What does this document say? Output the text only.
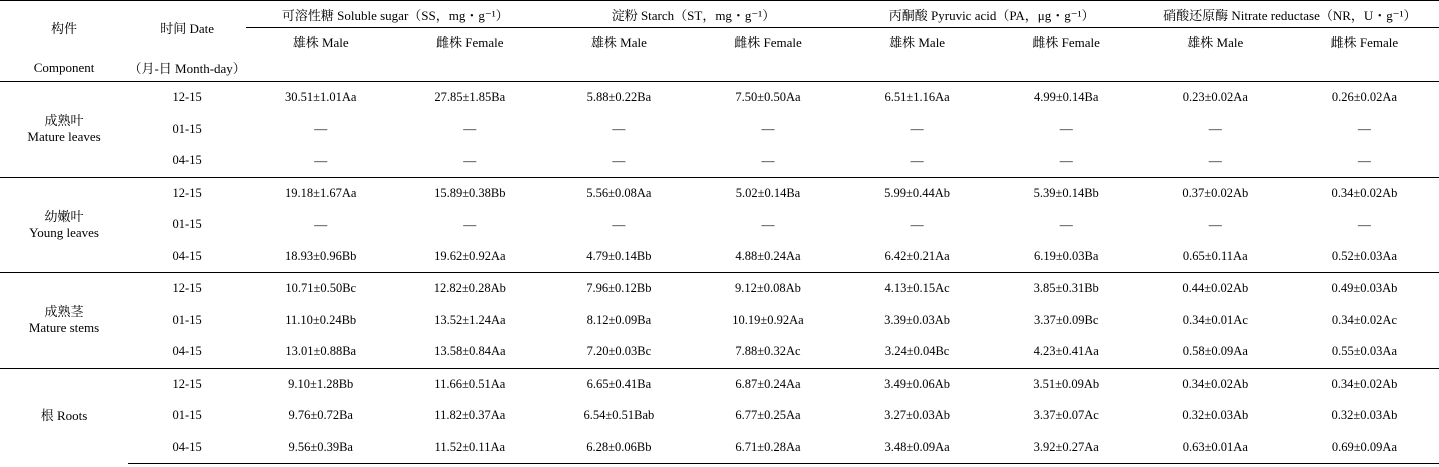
构件	时间 Date	可溶性糖 Soluble sugar（SS，mg・g⁻¹）		淀粉 Starch（ST，mg・g⁻¹）		丙酮酸 Pyruvic acid（PA，μg・g⁻¹）		硝酸还原酶 Nitrate reductase（NR，U・g⁻¹）	
		雄株 Male	雌株 Female	雄株 Male	雌株 Female	雄株 Male	雌株 Female	雄株 Male	雌株 Female
Component	（月-日 Month-day）								

成熟叶
Mature leaves	12-15	30.51±1.01Aa	27.85±1.85Ba	5.88±0.22Ba	7.50±0.50Aa	6.51±1.16Aa	4.99±0.14Ba	0.23±0.02Aa	0.26±0.02Aa
	01-15	—	—	—	—	—	—	—	—
	04-15	—	—	—	—	—	—	—	—

幼嫩叶
Young leaves	12-15	19.18±1.67Aa	15.89±0.38Bb	5.56±0.08Aa	5.02±0.14Ba	5.99±0.44Ab	5.39±0.14Bb	0.37±0.02Ab	0.34±0.02Ab
	01-15	—	—	—	—	—	—	—	—
	04-15	18.93±0.96Bb	19.62±0.92Aa	4.79±0.14Bb	4.88±0.24Aa	6.42±0.21Aa	6.19±0.03Ba	0.65±0.11Aa	0.52±0.03Aa

成熟茎
Mature stems	12-15	10.71±0.50Bc	12.82±0.28Ab	7.96±0.12Bb	9.12±0.08Ab	4.13±0.15Ac	3.85±0.31Bb	0.44±0.02Ab	0.49±0.03Ab
	01-15	11.10±0.24Bb	13.52±1.24Aa	8.12±0.09Ba	10.19±0.92Aa	3.39±0.03Ab	3.37±0.09Bc	0.34±0.01Ac	0.34±0.02Ac
	04-15	13.01±0.88Ba	13.58±0.84Aa	7.20±0.03Bc	7.88±0.32Ac	3.24±0.04Bc	4.23±0.41Aa	0.58±0.09Aa	0.55±0.03Aa

根 Roots	12-15	9.10±1.28Bb	11.66±0.51Aa	6.65±0.41Ba	6.87±0.24Aa	3.49±0.06Ab	3.51±0.09Ab	0.34±0.02Ab	0.34±0.02Ab
	01-15	9.76±0.72Ba	11.82±0.37Aa	6.54±0.51Bab	6.77±0.25Aa	3.27±0.03Ab	3.37±0.07Ac	0.32±0.03Ab	0.32±0.03Ab
	04-15	9.56±0.39Ba	11.52±0.11Aa	6.28±0.06Bb	6.71±0.28Aa	3.48±0.09Aa	3.92±0.27Aa	0.63±0.01Aa	0.69±0.09Aa
